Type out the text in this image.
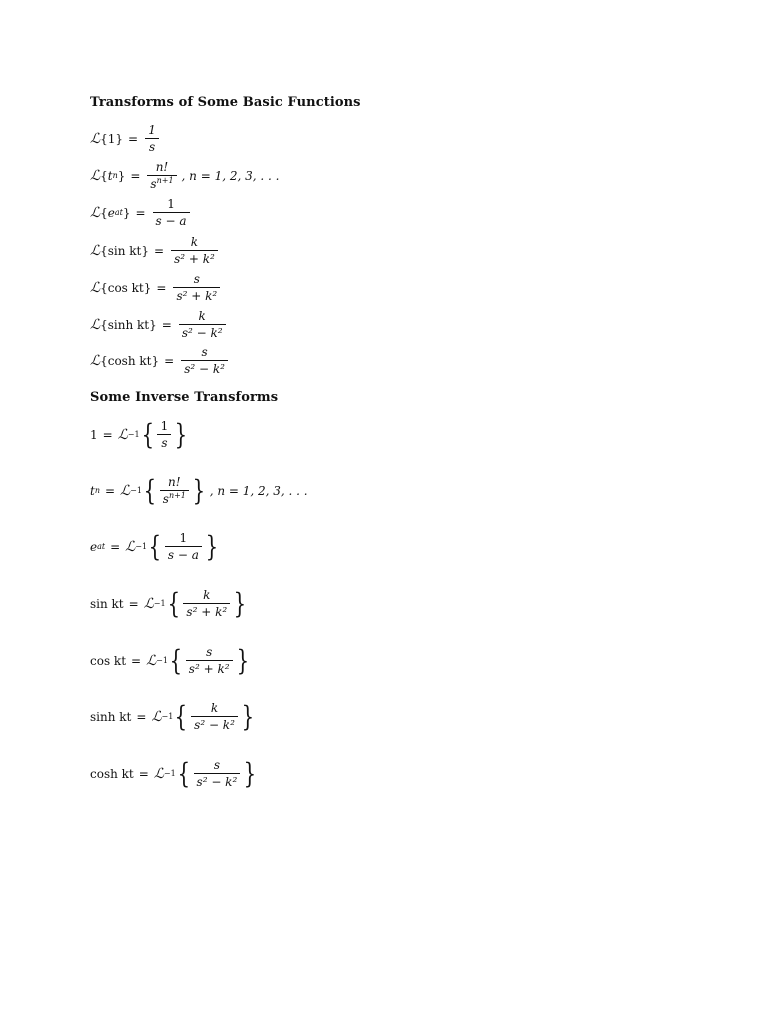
Transforms of Some Basic Functions
ℒ { 1 } = $\frac{1}{s}$
ℒ { t n } = $\frac{n!}{s^{n+1}}$ , n = 1, 2, 3, . . .
ℒ { e at } = $\frac{1}{s - a}$
ℒ { sin kt } = $\frac{k}{\text{s² + k²}}$
ℒ { cos kt } = $\frac{s}{\text{s² + k²}}$
ℒ { sinh kt } = $\frac{k}{\text{s² − k²}}$
ℒ { cosh kt } = $\frac{s}{\text{s² − k²}}$
Some Inverse Transforms
1 = ℒ −1 { $\frac{1}{s}$ }
t n = ℒ −1 { $\frac{n!}{s^{n+1}}$ } , n = 1, 2, 3, . . .
e at = ℒ −1 { $\frac{1}{s - a}$ }
sin kt = ℒ −1 { $\frac{k}{\text{s² + k²}}$ }
cos kt = ℒ −1 { $\frac{s}{\text{s² + k²}}$ }
sinh kt = ℒ −1 { $\frac{k}{\text{s² − k²}}$ }
cosh kt = ℒ −1 { $\frac{s}{\text{s² − k²}}$ }
